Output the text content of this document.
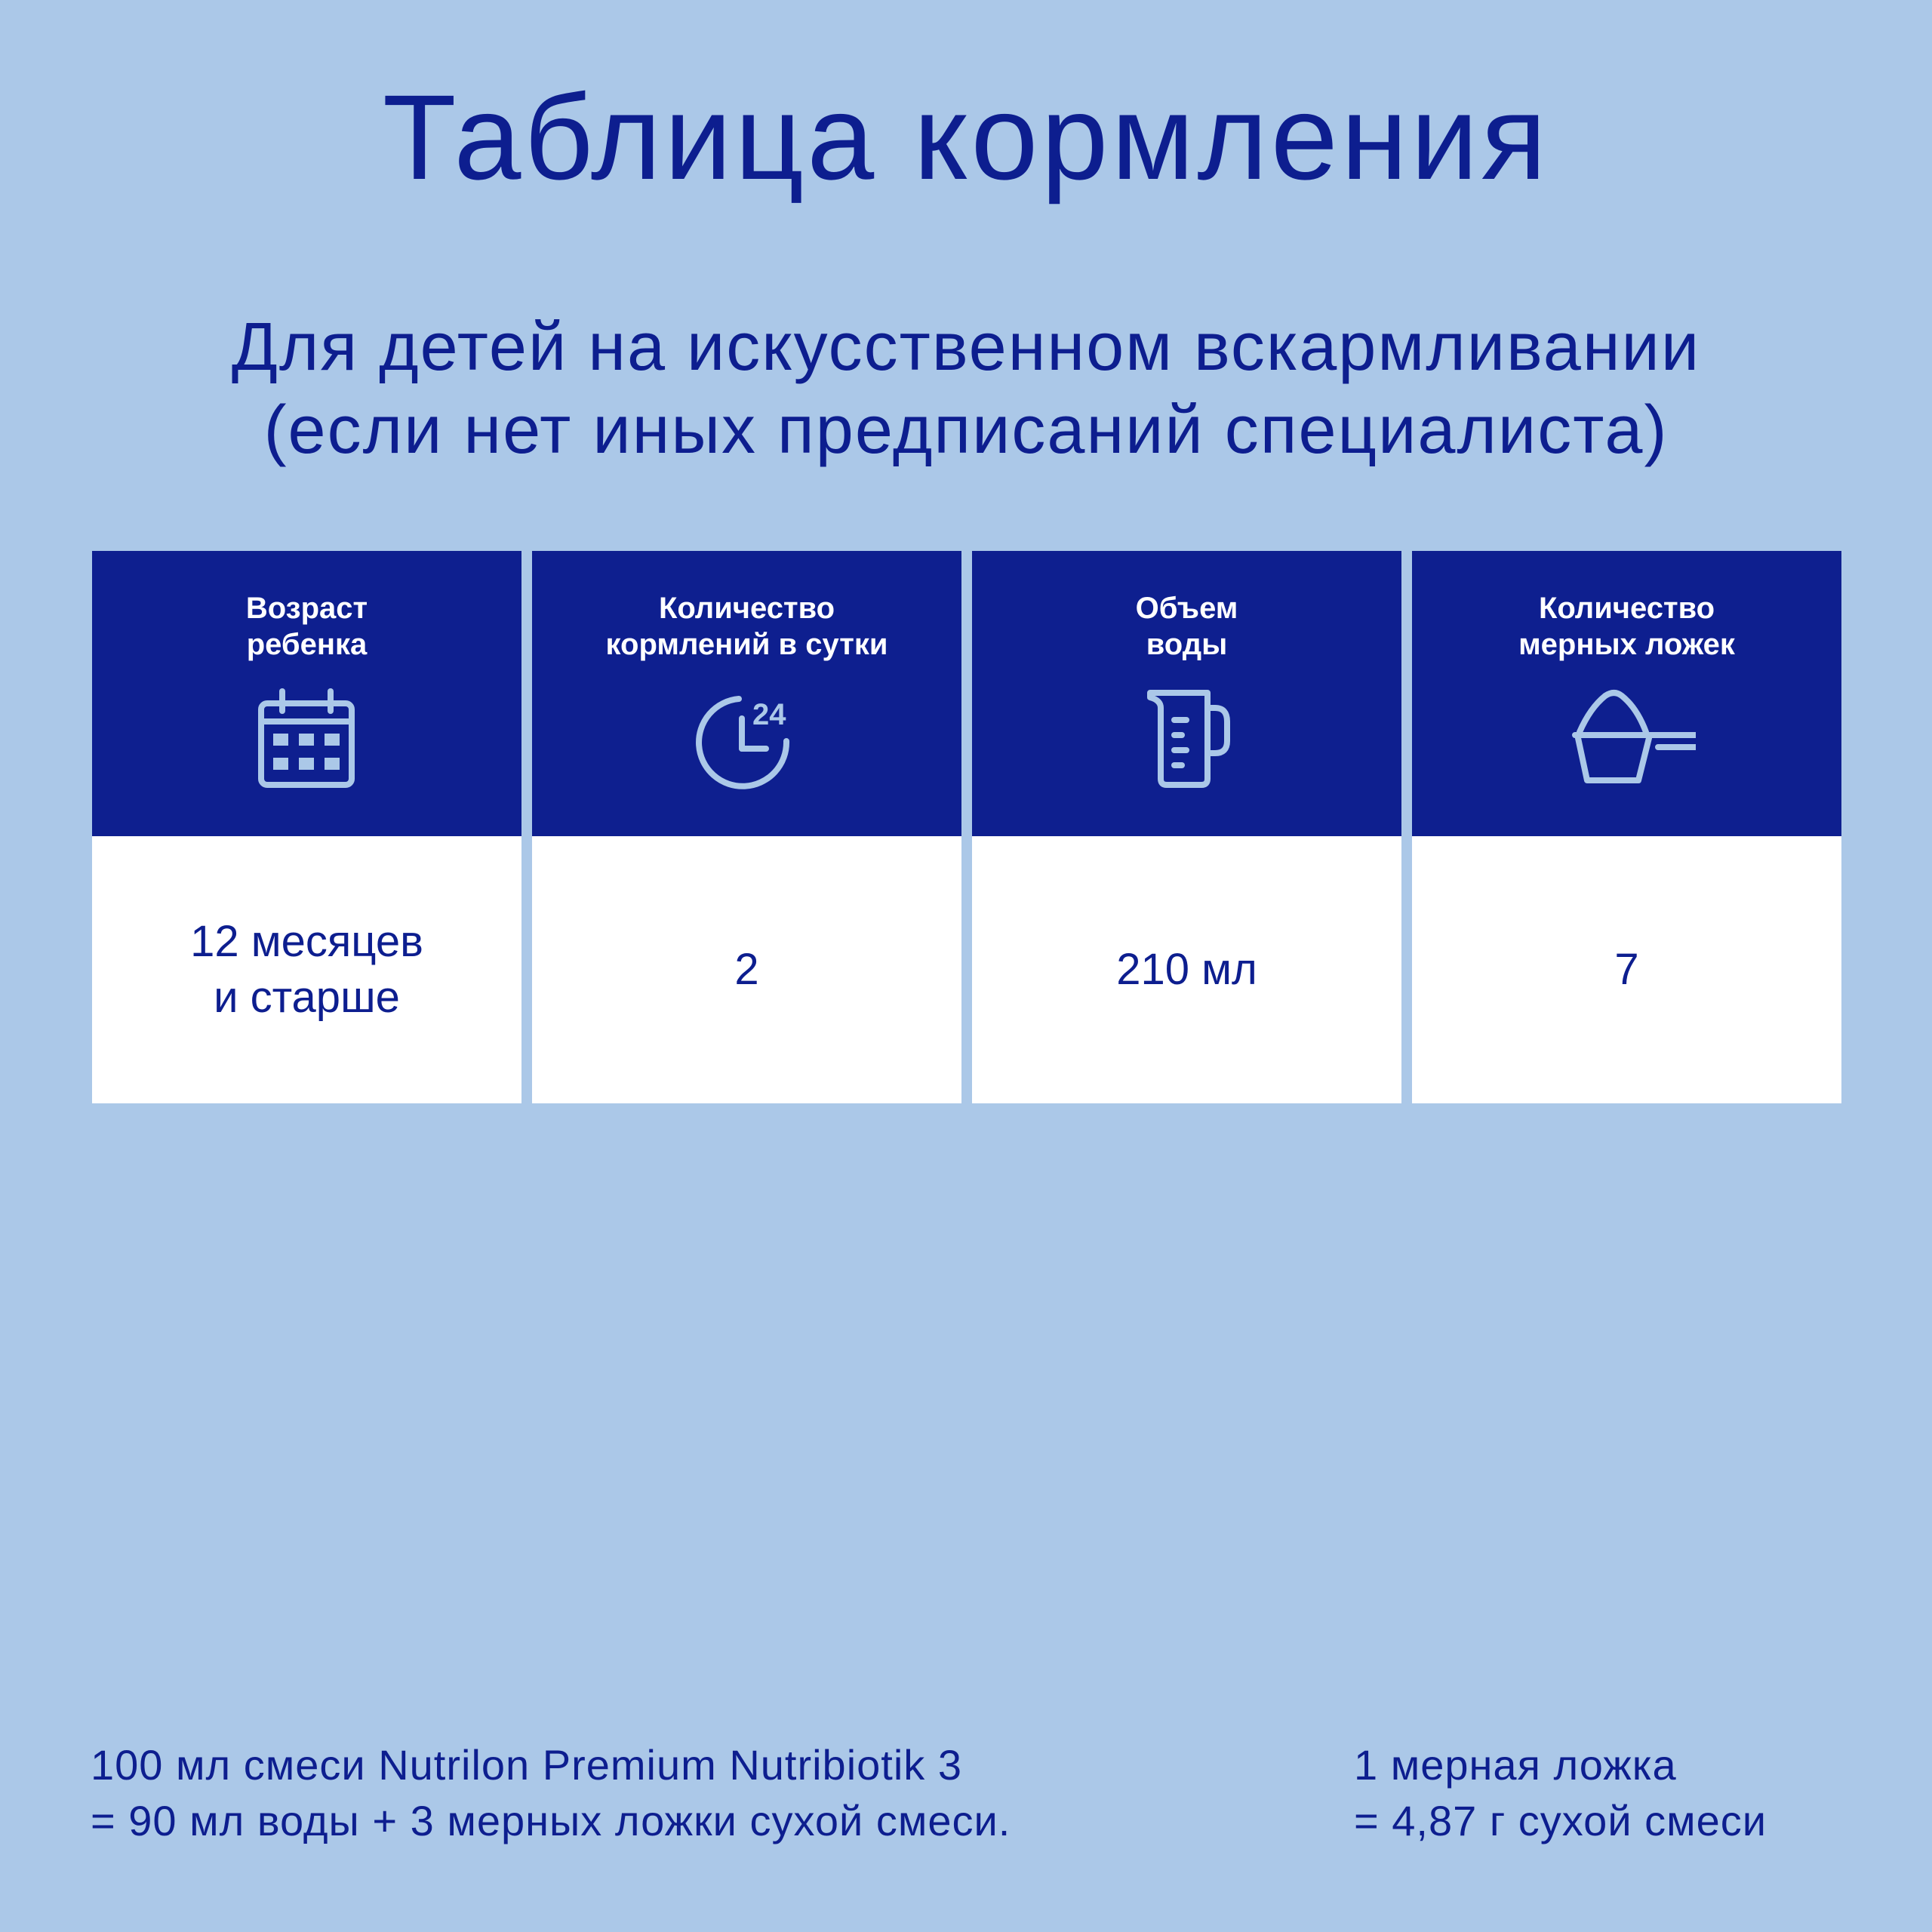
Таблица кормления
Для детей на искусственном вскармливании
(если нет иных предписаний специалиста)
Возраст
ребенка
12 месяцев
и старше
Количество
кормлений в сутки
24
2
Объем
воды
210 мл
Количество
мерных ложек
7
100 мл смеси Nutrilon Premium Nutribiotik 3
= 90 мл воды + 3 мерных ложки сухой смеси.
1 мерная ложка
= 4,87 г сухой смеси
